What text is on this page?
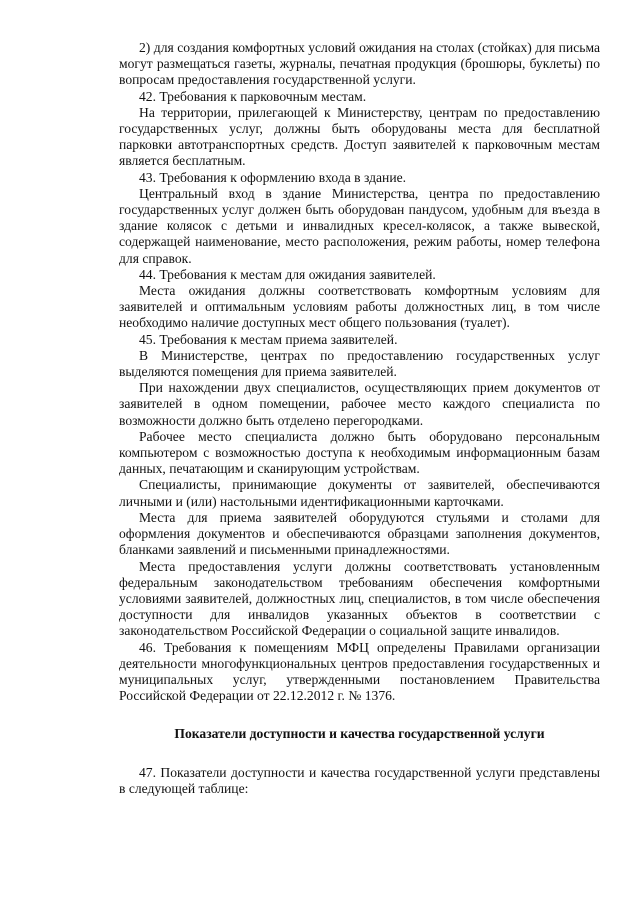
2) для создания комфортных условий ожидания на столах (стойках) для письма могут размещаться газеты, журналы, печатная продукция (брошюры, буклеты) по вопросам предоставления государственной услуги.

42. Требования к парковочным местам.

На территории, прилегающей к Министерству, центрам по предоставлению государственных услуг, должны быть оборудованы места для бесплатной парковки автотранспортных средств. Доступ заявителей к парковочным местам является бесплатным.

43. Требования к оформлению входа в здание.

Центральный вход в здание Министерства, центра по предоставлению государственных услуг должен быть оборудован пандусом, удобным для въезда в здание колясок с детьми и инвалидных кресел-колясок, а также вывеской, содержащей наименование, место расположения, режим работы, номер телефона для справок.

44. Требования к местам для ожидания заявителей.

Места ожидания должны соответствовать комфортным условиям для заявителей и оптимальным условиям работы должностных лиц, в том числе необходимо наличие доступных мест общего пользования (туалет).

45. Требования к местам приема заявителей.

В Министерстве, центрах по предоставлению государственных услуг выделяются помещения для приема заявителей.

При нахождении двух специалистов, осуществляющих прием документов от заявителей в одном помещении, рабочее место каждого специалиста по возможности должно быть отделено перегородками.

Рабочее место специалиста должно быть оборудовано персональным компьютером с возможностью доступа к необходимым информационным базам данных, печатающим и сканирующим устройствам.

Специалисты, принимающие документы от заявителей, обеспечиваются личными и (или) настольными идентификационными карточками.

Места для приема заявителей оборудуются стульями и столами для оформления документов и обеспечиваются образцами заполнения документов, бланками заявлений и письменными принадлежностями.

Места предоставления услуги должны соответствовать установленным федеральным законодательством требованиям обеспечения комфортными условиями заявителей, должностных лиц, специалистов, в том числе обеспечения доступности для инвалидов указанных объектов в соответствии с законодательством Российской Федерации о социальной защите инвалидов.

46. Требования к помещениям МФЦ определены Правилами организации деятельности многофункциональных центров предоставления государственных и муниципальных услуг, утвержденными постановлением Правительства Российской Федерации от 22.12.2012 г. № 1376.

Показатели доступности и качества государственной услуги

47. Показатели доступности и качества государственной услуги представлены в следующей таблице:
